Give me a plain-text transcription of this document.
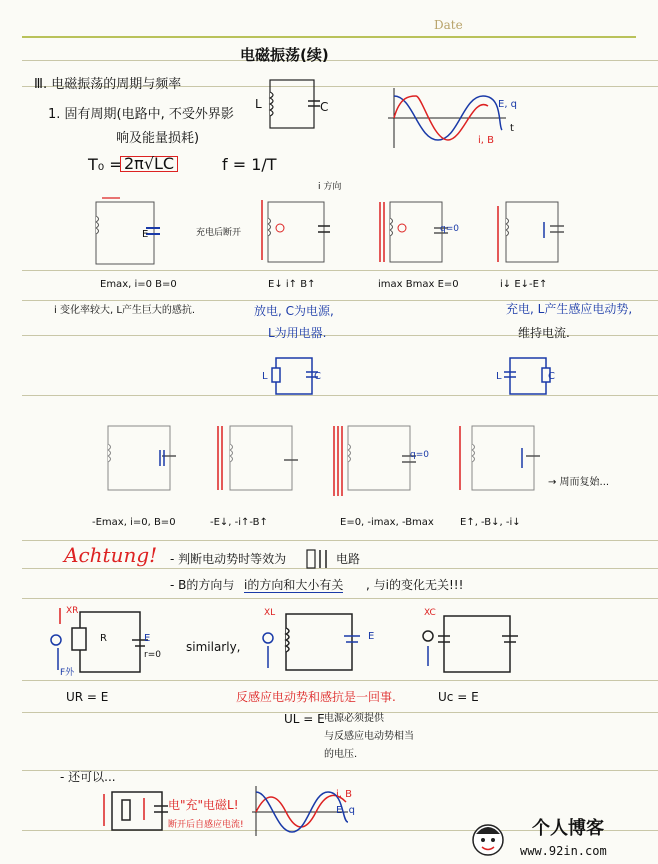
Date
电磁振荡(续)
Ⅲ. 电磁振荡的周期与频率
1. 固有周期(电路中, 不受外界影
响及能量损耗)
T₀ = 2π√LC	f = 1/T
L	C	E, q
i, B
t
E	充电后断开
Emax, i=0 B=0
i 方向
E↓ i↑ B↑
q=0
imax Bmax E=0	i↓ E↓-E↑
i 变化率较大, L产生巨大的感抗.	放电, C为电源,
L为用电器.
充电, L产生感应电动势,
维持电流.
L	C	L	C
-Emax, i=0, B=0	-E↓, -i↑-B↑
q=0
E=0, -imax, -Bmax	E↑, -B↓, -i↓
→ 周而复始...
Achtung! - 判断电动势时等效为	电路
- B的方向与 i的方向和大小有关 , 与i的变化无关!!!
XR
R	E
r=0
F外
UR = E
similarly,
XL
E
XC
Uc = E
反感应电动势和感抗是一回事.
UL = E 电源必须提供
与反感应电动势相当
的电压.
- 还可以...
电"充"电磁L!
断开后自感应电流!
i, B
E, q
个人博客
www.92in.com
